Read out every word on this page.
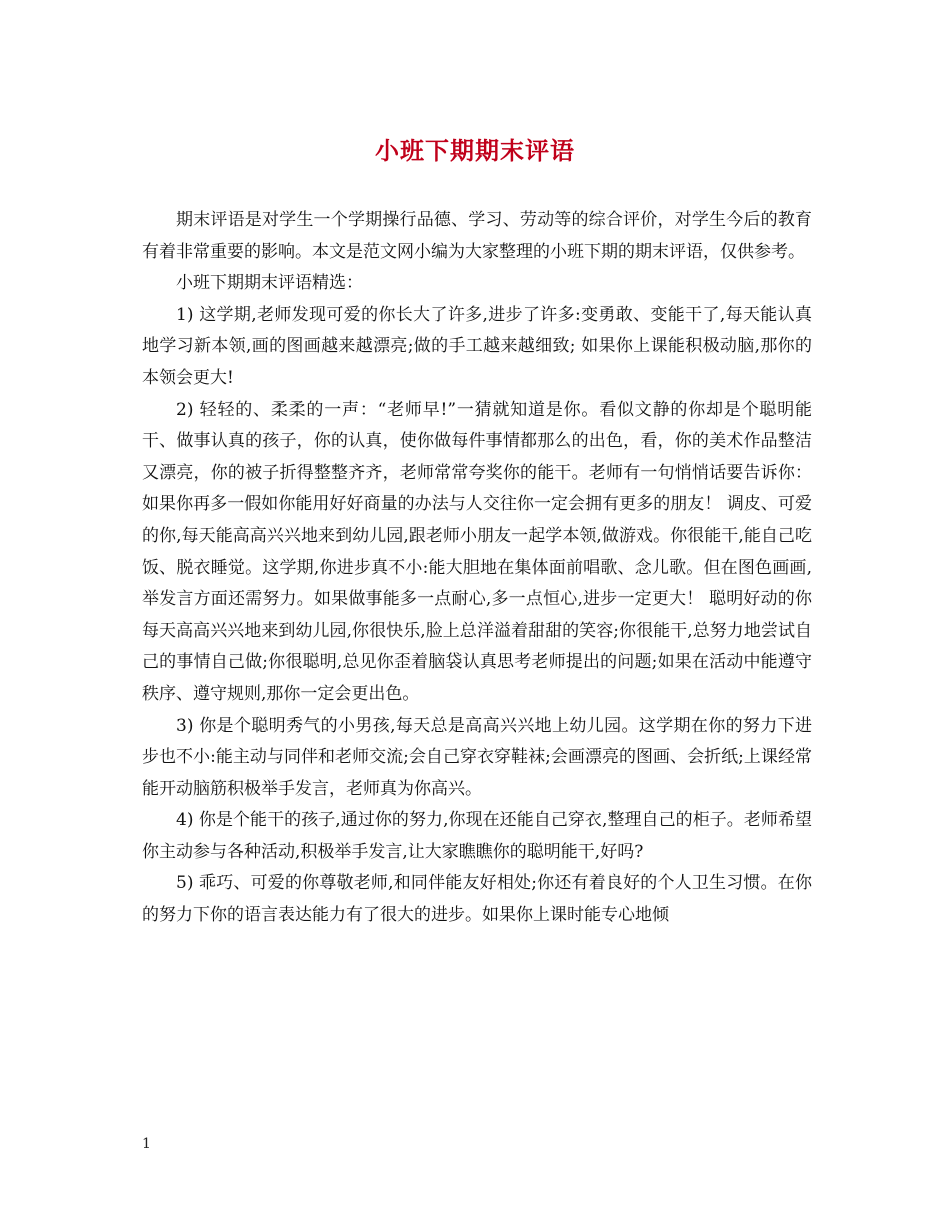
小班下期期末评语

期末评语是对学生一个学期操行品德、学习、劳动等的综合评价，对学生今后的教育有着非常重要的影响。本文是范文网小编为大家整理的小班下期的期末评语，仅供参考。

小班下期期末评语精选：

1) 这学期,老师发现可爱的你长大了许多,进步了许多:变勇敢、变能干了,每天能认真地学习新本领,画的图画越来越漂亮;做的手工越来越细致; 如果你上课能积极动脑,那你的本领会更大!

2) 轻轻的、柔柔的一声：“老师早!”一猜就知道是你。看似文静的你却是个聪明能干、做事认真的孩子，你的认真，使你做每件事情都那么的出色，看，你的美术作品整洁又漂亮，你的被子折得整整齐齐，老师常常夸奖你的能干。老师有一句悄悄话要告诉你：如果你再多一假如你能用好好商量的办法与人交往你一定会拥有更多的朋友！ 调皮、可爱的你,每天能高高兴兴地来到幼儿园,跟老师小朋友一起学本领,做游戏。你很能干,能自己吃饭、脱衣睡觉。这学期,你进步真不小:能大胆地在集体面前唱歌、念儿歌。但在图色画画,举发言方面还需努力。如果做事能多一点耐心,多一点恒心,进步一定更大！ 聪明好动的你每天高高兴兴地来到幼儿园,你很快乐,脸上总洋溢着甜甜的笑容;你很能干,总努力地尝试自己的事情自己做;你很聪明,总见你歪着脑袋认真思考老师提出的问题;如果在活动中能遵守秩序、遵守规则,那你一定会更出色。

3) 你是个聪明秀气的小男孩,每天总是高高兴兴地上幼儿园。这学期在你的努力下进步也不小:能主动与同伴和老师交流;会自己穿衣穿鞋袜;会画漂亮的图画、会折纸;上课经常能开动脑筋积极举手发言，老师真为你高兴。

4) 你是个能干的孩子,通过你的努力,你现在还能自己穿衣,整理自己的柜子。老师希望你主动参与各种活动,积极举手发言,让大家瞧瞧你的聪明能干,好吗?

5) 乖巧、可爱的你尊敬老师,和同伴能友好相处;你还有着良好的个人卫生习惯。在你的努力下你的语言表达能力有了很大的进步。如果你上课时能专心地倾

1
